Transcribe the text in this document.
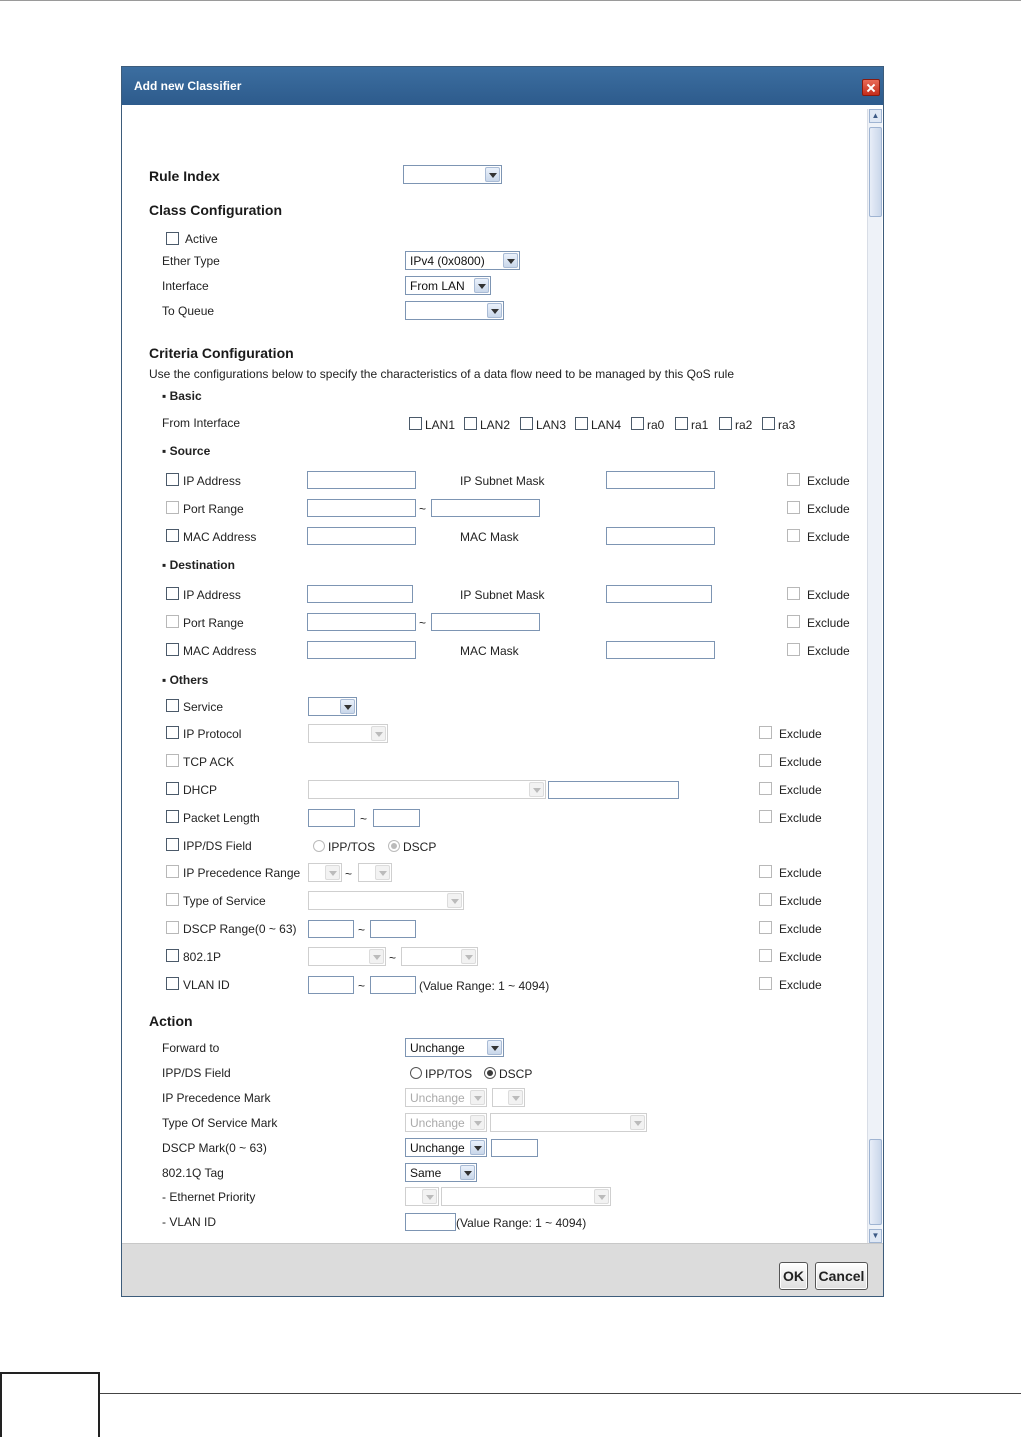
Add new Classifier
Rule Index
Class Configuration
Active
Ether Type	IPv4 (0x0800)
Interface	From LAN
To Queue
Criteria Configuration
Use the configurations below to specify the characteristics of a data flow need to be managed by this QoS rule
▪ Basic
From Interface	LAN1 LAN2 LAN3 LAN4 ra0 ra1 ra2 ra3
▪ Source
IP Address	IP Subnet Mask	Exclude
Port Range	~	Exclude
MAC Address	MAC Mask	Exclude
▪ Destination
IP Address	IP Subnet Mask	Exclude
Port Range	~	Exclude
MAC Address	MAC Mask	Exclude
▪ Others
Service
IP Protocol	Exclude
TCP ACK	Exclude
DHCP	Exclude
Packet Length	~	Exclude
IPP/DS Field	IPP/TOS DSCP
IP Precedence Range	~	Exclude
Type of Service	Exclude
DSCP Range(0 ~ 63)	~	Exclude
802.1P	~	Exclude
VLAN ID	~	(Value Range: 1 ~ 4094)	Exclude
Action
Forward to	Unchange
IPP/DS Field	IPP/TOS DSCP
IP Precedence Mark	Unchange
Type Of Service Mark	Unchange
DSCP Mark(0 ~ 63)	Unchange
802.1Q Tag	Same
- Ethernet Priority
- VLAN ID	(Value Range: 1 ~ 4094)
▲
▼
OK Cancel
